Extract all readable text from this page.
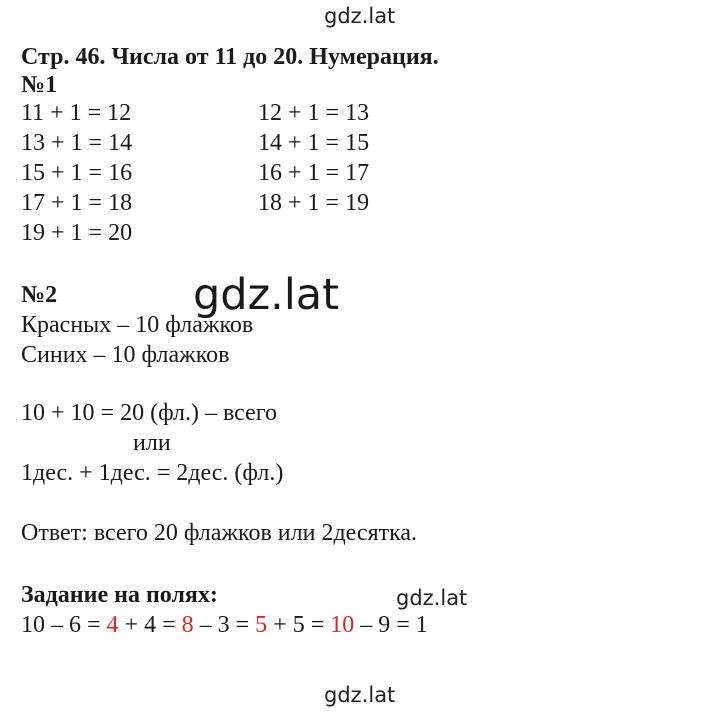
gdz.lat
Стр. 46. Числа от 11 до 20. Нумерация.
№1
11 + 1 = 12	12 + 1 = 13
13 + 1 = 14	14 + 1 = 15
15 + 1 = 16	16 + 1 = 17
17 + 1 = 18	18 + 1 = 19
19 + 1 = 20
gdz.lat
№2
Красных – 10 флажков
Синих – 10 флажков
10 + 10 = 20 (фл.) – всего
или
1дес. + 1дес. = 2дес. (фл.)
Ответ: всего 20 флажков или 2десятка.
Задание на полях:	gdz.lat
10 – 6 = 4 + 4 = 8 – 3 = 5 + 5 = 10 – 9 = 1
gdz.lat
